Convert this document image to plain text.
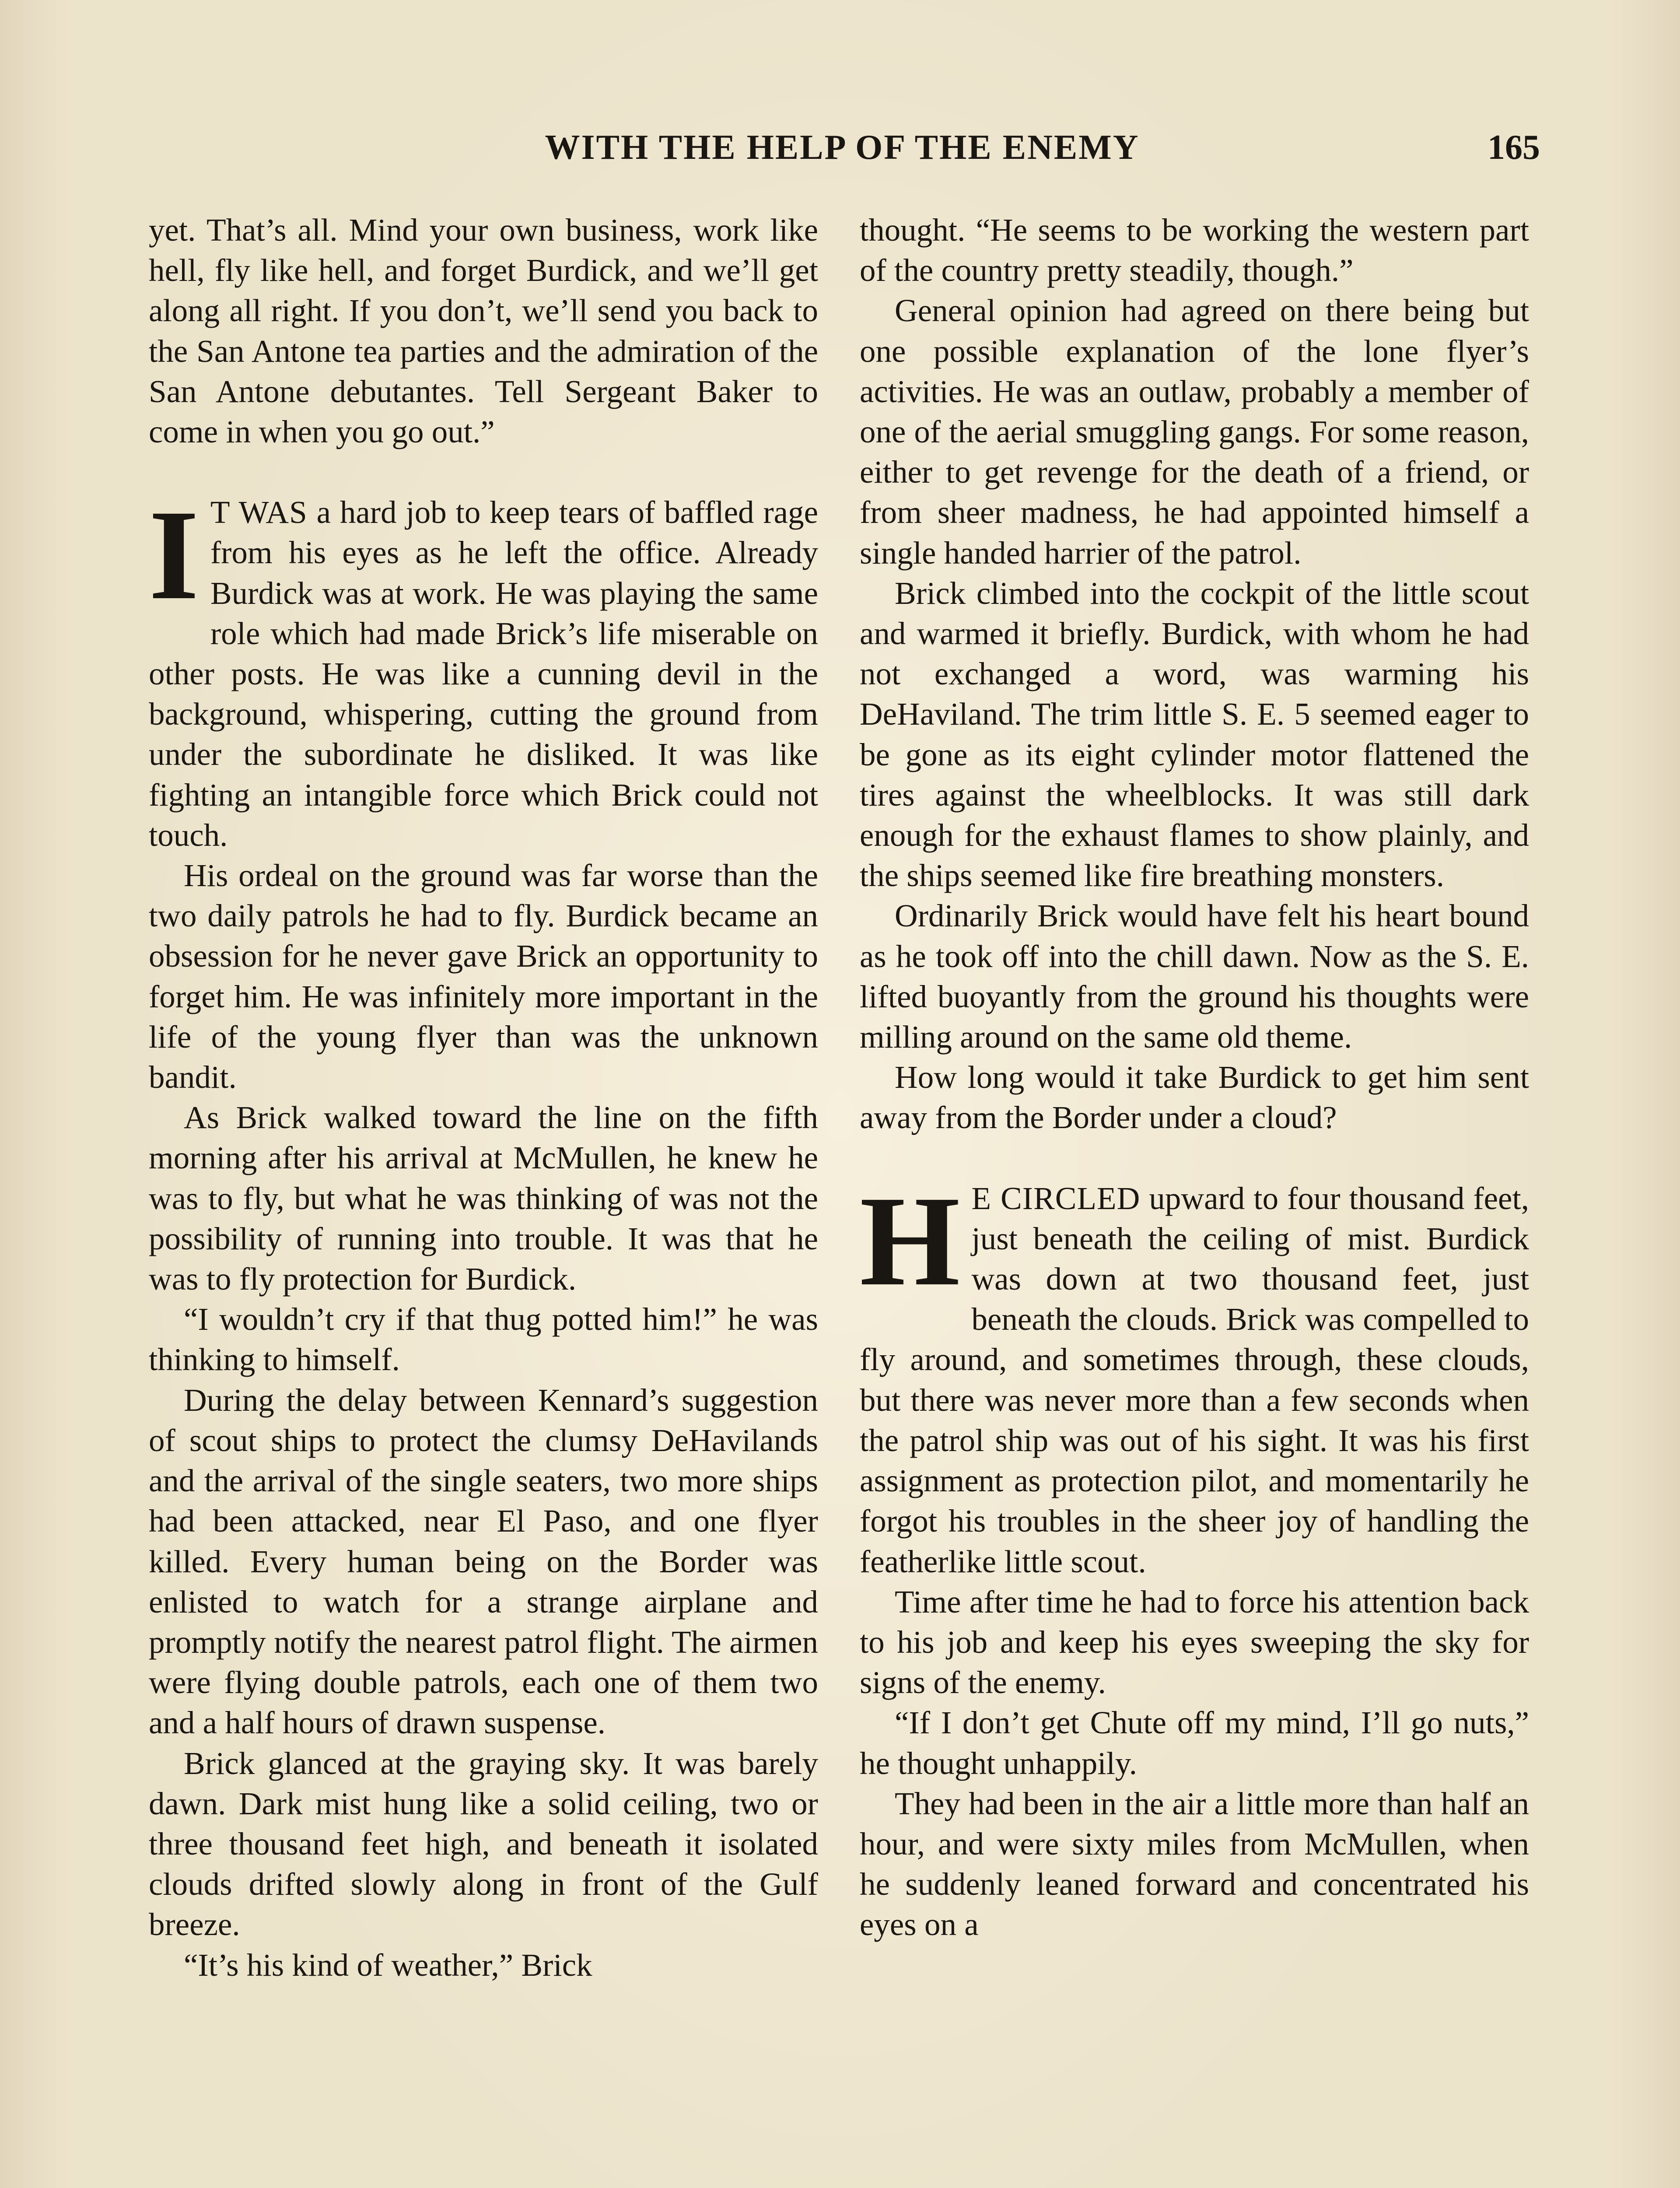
WITH THE HELP OF THE ENEMY	165

yet. That’s all. Mind your own business, work like hell, fly like hell, and forget Burdick, and we’ll get along all right. If you don’t, we’ll send you back to the San Antone tea parties and the admiration of the San Antone debutantes. Tell Sergeant Baker to come in when you go out.”

I T WAS a hard job to keep tears of baffled rage from his eyes as he left the office. Already Burdick was at work. He was playing the same role which had made Brick’s life miserable on other posts. He was like a cunning devil in the background, whispering, cutting the ground from under the subordinate he disliked. It was like fighting an intangible force which Brick could not touch.

His ordeal on the ground was far worse than the two daily patrols he had to fly. Burdick became an obsession for he never gave Brick an opportunity to forget him. He was infinitely more important in the life of the young flyer than was the unknown bandit.

As Brick walked toward the line on the fifth morning after his arrival at McMullen, he knew he was to fly, but what he was thinking of was not the possibility of running into trouble. It was that he was to fly protection for Burdick.

“I wouldn’t cry if that thug potted him!” he was thinking to himself.

During the delay between Kennard’s suggestion of scout ships to protect the clumsy DeHavilands and the arrival of the single seaters, two more ships had been attacked, near El Paso, and one flyer killed. Every human being on the Border was enlisted to watch for a strange airplane and promptly notify the nearest patrol flight. The airmen were flying double patrols, each one of them two and a half hours of drawn suspense.

Brick glanced at the graying sky. It was barely dawn. Dark mist hung like a solid ceiling, two or three thousand feet high, and beneath it isolated clouds drifted slowly along in front of the Gulf breeze.

“It’s his kind of weather,” Brick

thought. “He seems to be working the western part of the country pretty steadily, though.”

General opinion had agreed on there being but one possible explanation of the lone flyer’s activities. He was an outlaw, probably a member of one of the aerial smuggling gangs. For some reason, either to get revenge for the death of a friend, or from sheer madness, he had appointed himself a single handed harrier of the patrol.

Brick climbed into the cockpit of the little scout and warmed it briefly. Burdick, with whom he had not exchanged a word, was warming his DeHaviland. The trim little S. E. 5 seemed eager to be gone as its eight cylinder motor flattened the tires against the wheelblocks. It was still dark enough for the exhaust flames to show plainly, and the ships seemed like fire breathing monsters.

Ordinarily Brick would have felt his heart bound as he took off into the chill dawn. Now as the S. E. lifted buoyantly from the ground his thoughts were milling around on the same old theme.

How long would it take Burdick to get him sent away from the Border under a cloud?

H E CIRCLED upward to four thousand feet, just beneath the ceiling of mist. Burdick was down at two thousand feet, just beneath the clouds. Brick was compelled to fly around, and sometimes through, these clouds, but there was never more than a few seconds when the patrol ship was out of his sight. It was his first assignment as protection pilot, and momentarily he forgot his troubles in the sheer joy of handling the featherlike little scout.

Time after time he had to force his attention back to his job and keep his eyes sweeping the sky for signs of the enemy.

“If I don’t get Chute off my mind, I’ll go nuts,” he thought unhappily.

They had been in the air a little more than half an hour, and were sixty miles from McMullen, when he suddenly leaned forward and concentrated his eyes on a
